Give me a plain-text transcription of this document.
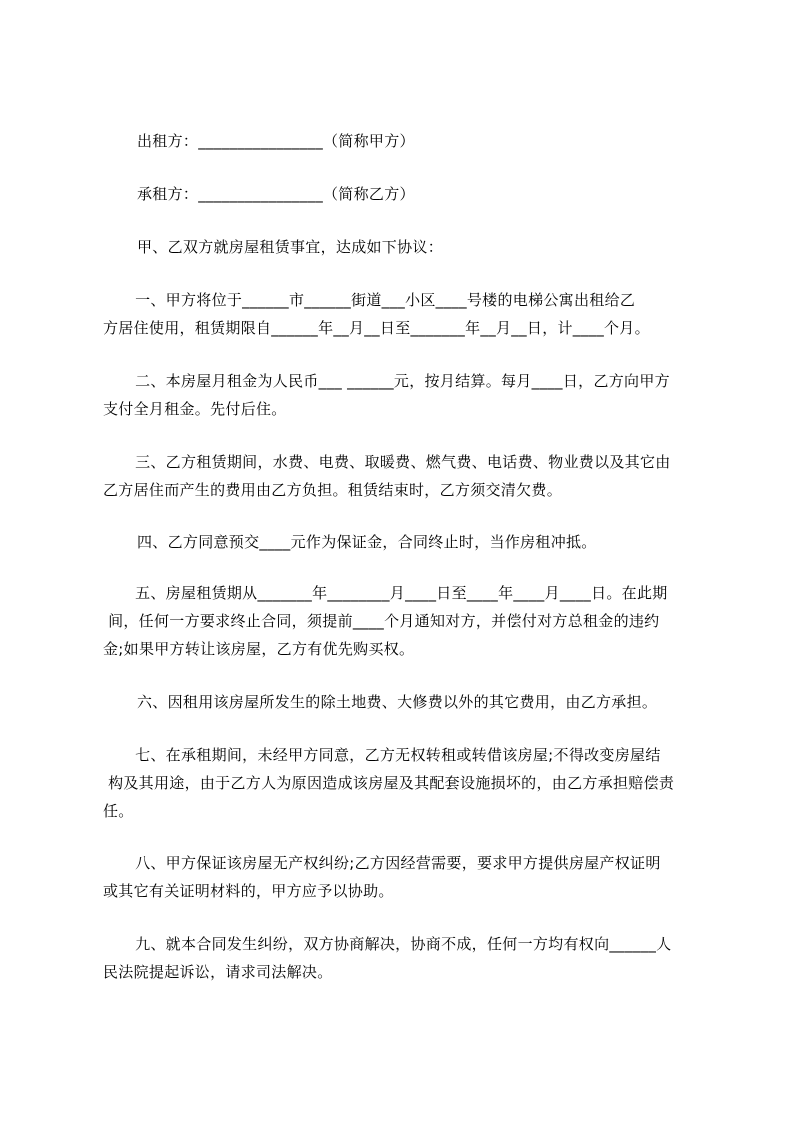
出租方：________________（简称甲方）
承租方：________________（简称乙方）
甲、乙双方就房屋租赁事宜，达成如下协议：
一、甲方将位于______市______街道___小区____号楼的电梯公寓出租给乙
方居住使用，租赁期限自______年__月__日至_______年__月__日，计____个月。
二、本房屋月租金为人民币___ ______元，按月结算。每月____日，乙方向甲方
支付全月租金。先付后住。
三、乙方租赁期间，水费、电费、取暖费、燃气费、电话费、物业费以及其它由
乙方居住而产生的费用由乙方负担。租赁结束时，乙方须交清欠费。
四、乙方同意预交____元作为保证金，合同终止时，当作房租冲抵。
五、房屋租赁期从_______年________月____日至____年____月____日。在此期
间，任何一方要求终止合同，须提前____个月通知对方，并偿付对方总租金的违约
金;如果甲方转让该房屋，乙方有优先购买权。
六、因租用该房屋所发生的除土地费、大修费以外的其它费用，由乙方承担。
七、在承租期间，未经甲方同意，乙方无权转租或转借该房屋;不得改变房屋结
构及其用途，由于乙方人为原因造成该房屋及其配套设施损坏的，由乙方承担赔偿责
任。
八、甲方保证该房屋无产权纠纷;乙方因经营需要，要求甲方提供房屋产权证明
或其它有关证明材料的，甲方应予以协助。
九、就本合同发生纠纷，双方协商解决，协商不成，任何一方均有权向______人
民法院提起诉讼，请求司法解决。
